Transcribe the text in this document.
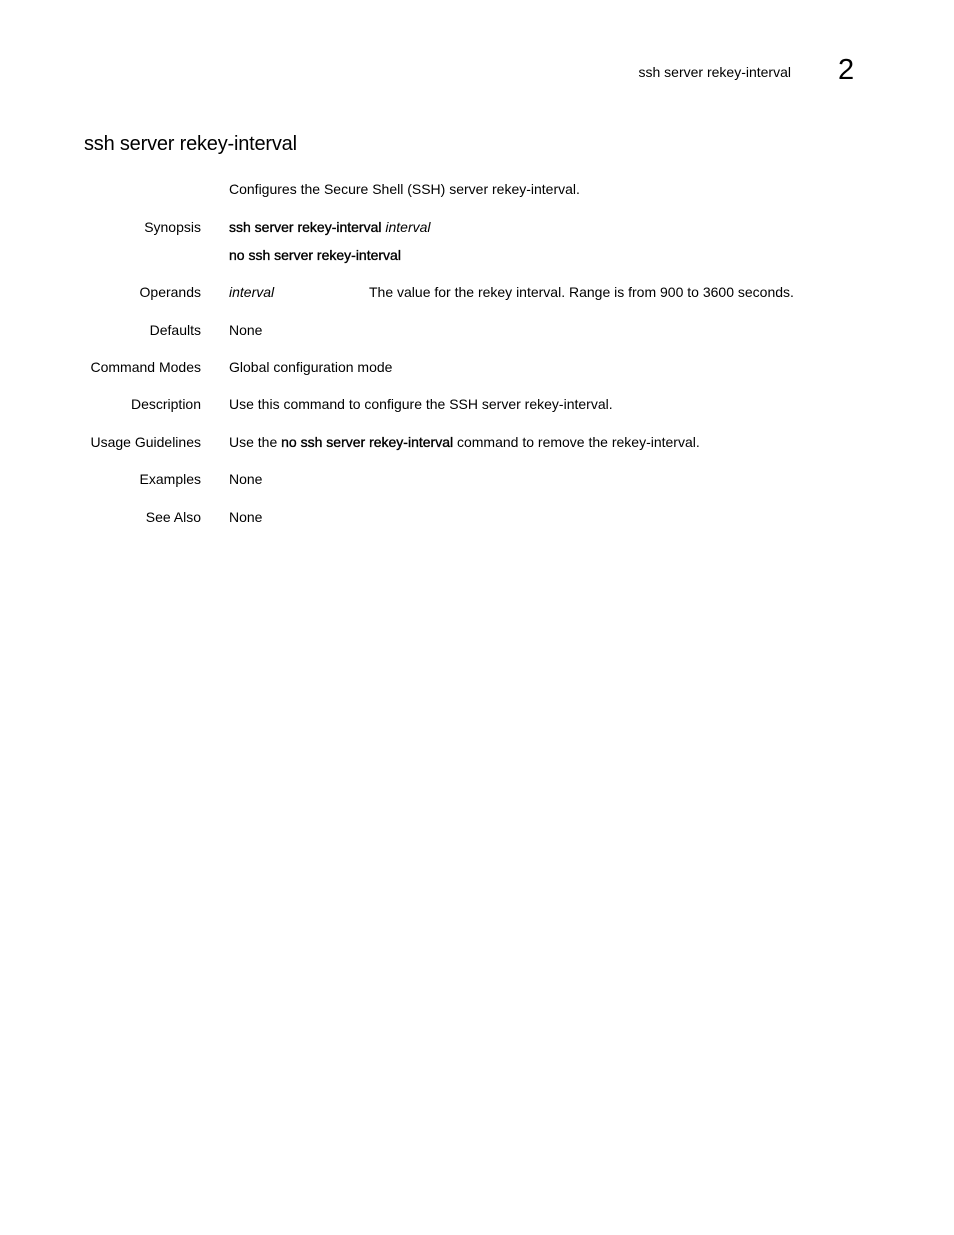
ssh server rekey-interval 2
ssh server rekey-interval
Configures the Secure Shell (SSH) server rekey-interval.
Synopsis ssh server rekey-interval interval
no ssh server rekey-interval
Operands interval	The value for the rekey interval. Range is from 900 to 3600 seconds.
Defaults None
Command Modes Global configuration mode
Description Use this command to configure the SSH server rekey-interval.
Usage Guidelines Use the no ssh server rekey-interval command to remove the rekey-interval.
Examples None
See Also None
